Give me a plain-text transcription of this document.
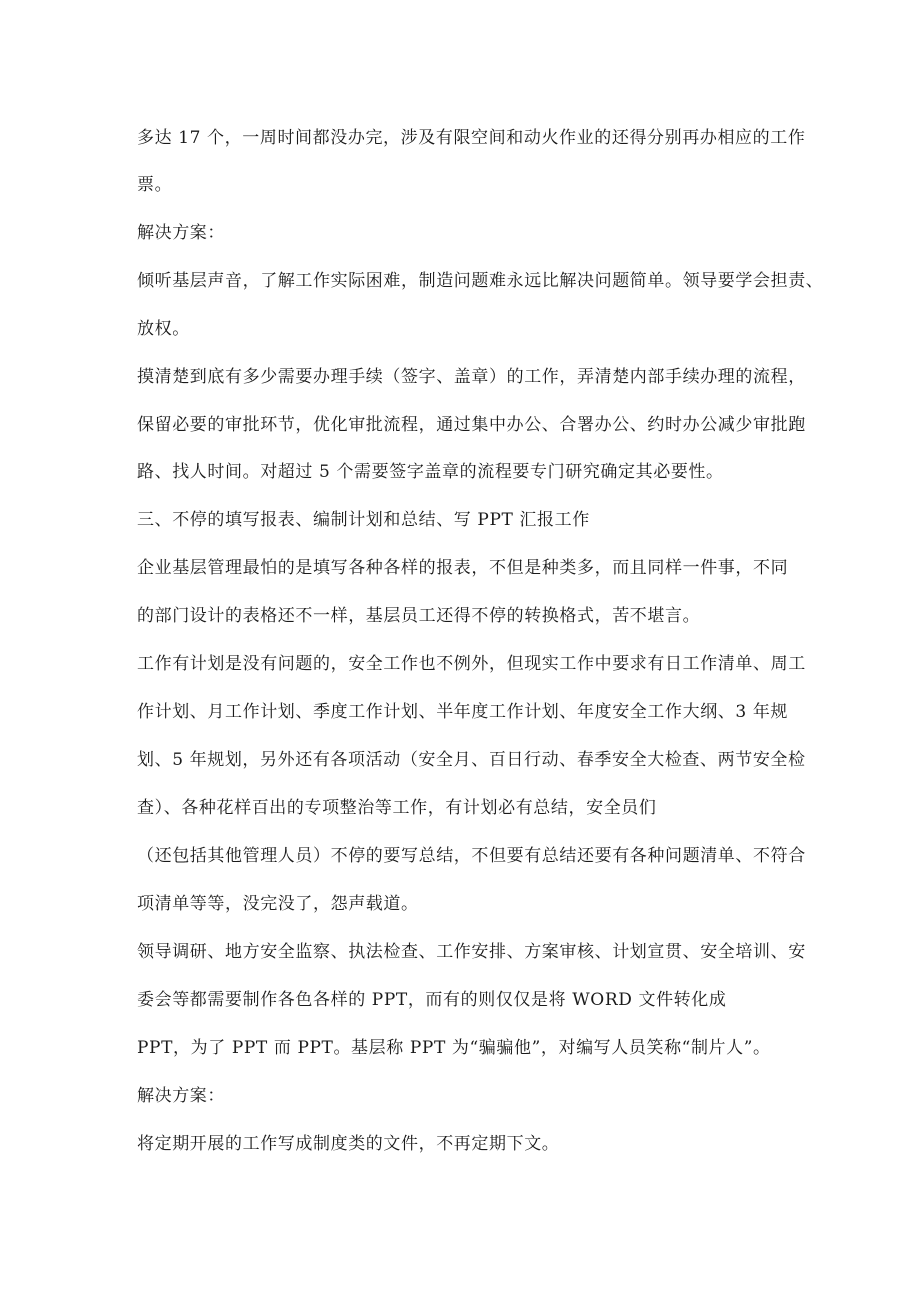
多达 17 个，一周时间都没办完，涉及有限空间和动火作业的还得分别再办相应的工作
票。
解决方案：
倾听基层声音，了解工作实际困难，制造问题难永远比解决问题简单。领导要学会担责、
放权。
摸清楚到底有多少需要办理手续（签字、盖章）的工作，弄清楚内部手续办理的流程，
保留必要的审批环节，优化审批流程，通过集中办公、合署办公、约时办公减少审批跑
路、找人时间。对超过 5 个需要签字盖章的流程要专门研究确定其必要性。
三、不停的填写报表、编制计划和总结、写 PPT 汇报工作
企业基层管理最怕的是填写各种各样的报表，不但是种类多，而且同样一件事，不同
的部门设计的表格还不一样，基层员工还得不停的转换格式，苦不堪言。
工作有计划是没有问题的，安全工作也不例外，但现实工作中要求有日工作清单、周工
作计划、月工作计划、季度工作计划、半年度工作计划、年度安全工作大纲、3 年规
划、5 年规划，另外还有各项活动（安全月、百日行动、春季安全大检查、两节安全检
查）、各种花样百出的专项整治等工作，有计划必有总结，安全员们
（还包括其他管理人员）不停的要写总结，不但要有总结还要有各种问题清单、不符合
项清单等等，没完没了，怨声载道。
领导调研、地方安全监察、执法检查、工作安排、方案审核、计划宣贯、安全培训、安
委会等都需要制作各色各样的 PPT，而有的则仅仅是将 WORD 文件转化成
PPT，为了 PPT 而 PPT。基层称 PPT 为“骗骗他”，对编写人员笑称“制片人”。
解决方案：
将定期开展的工作写成制度类的文件，不再定期下文。
